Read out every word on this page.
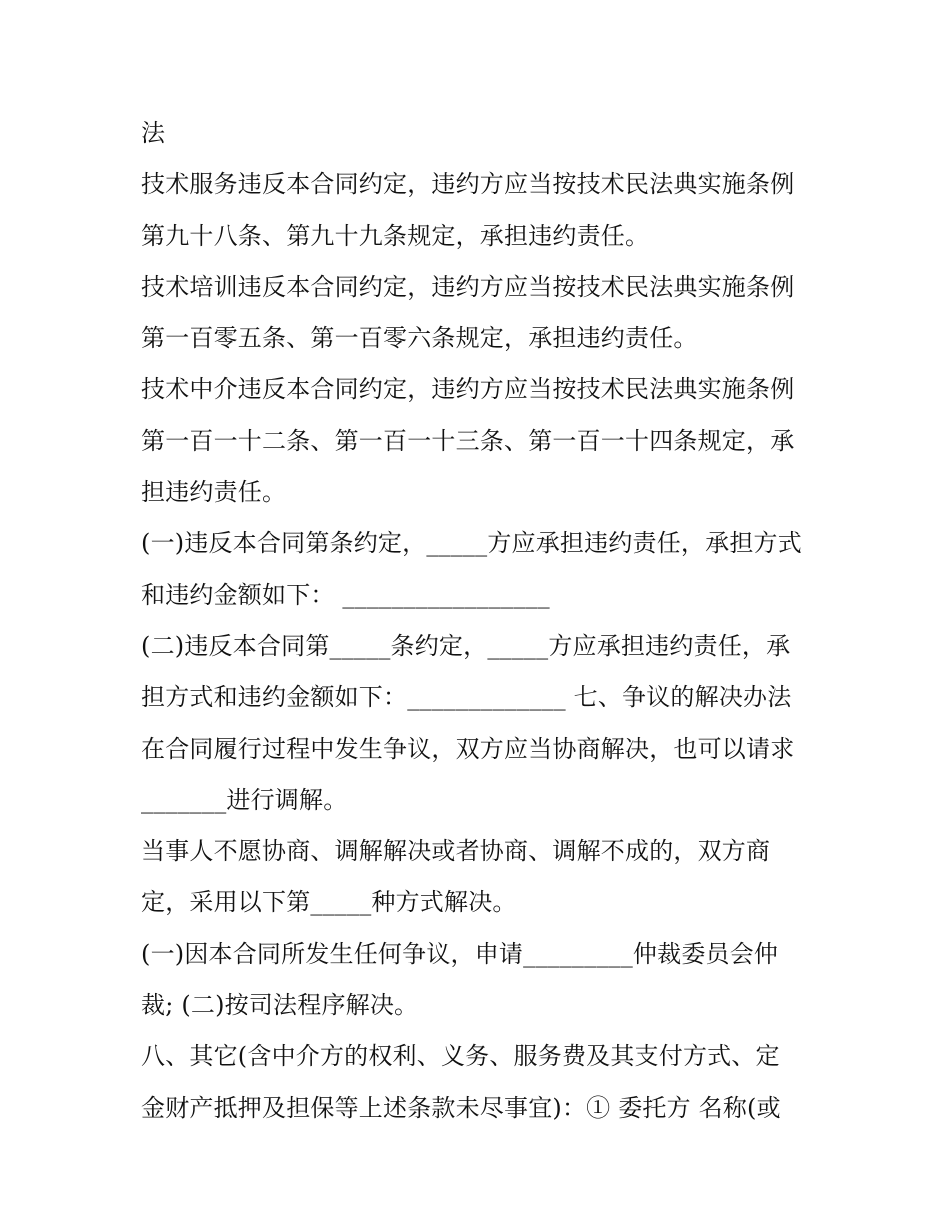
法
技术服务违反本合同约定，违约方应当按技术民法典实施条例
第九十八条、第九十九条规定，承担违约责任。
技术培训违反本合同约定，违约方应当按技术民法典实施条例
第一百零五条、第一百零六条规定，承担违约责任。
技术中介违反本合同约定，违约方应当按技术民法典实施条例
第一百一十二条、第一百一十三条、第一百一十四条规定，承
担违约责任。
(一)违反本合同第条约定，_____方应承担违约责任，承担方式
和违约金额如下： _________________
(二)违反本合同第_____条约定，_____方应承担违约责任，承
担方式和违约金额如下：_____________ 七、争议的解决办法
在合同履行过程中发生争议，双方应当协商解决，也可以请求
_______进行调解。
当事人不愿协商、调解解决或者协商、调解不成的，双方商
定，采用以下第_____种方式解决。
(一)因本合同所发生任何争议，申请_________仲裁委员会仲
裁; (二)按司法程序解决。
八、其它(含中介方的权利、义务、服务费及其支付方式、定
金财产抵押及担保等上述条款未尽事宜)：① 委托方 名称(或
